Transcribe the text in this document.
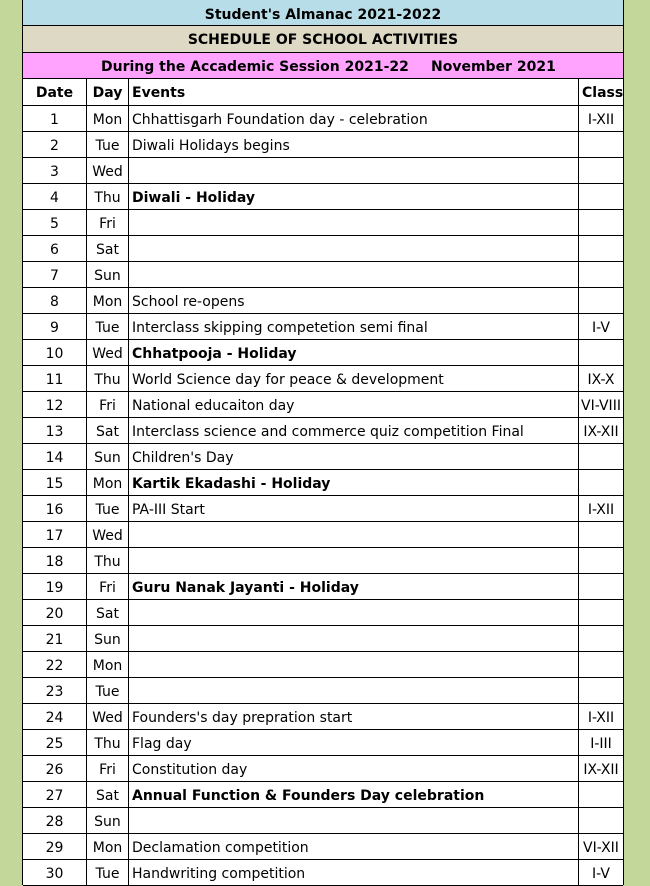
Student's Almanac 2021-2022
SCHEDULE OF SCHOOL ACTIVITIES
During the Accademic Session 2021-22 November 2021
Date	Day Events	Class
1	Mon Chhattisgarh Foundation day - celebration	I-XII
2	Tue Diwali Holidays begins
3	Wed
4	Thu Diwali - Holiday
5	Fri
6	Sat
7	Sun
8	Mon School re-opens
9	Tue Interclass skipping competetion semi final	I-V
10	Wed Chhatpooja - Holiday
11	Thu World Science day for peace & development	IX-X
12	Fri	National educaiton day	VI-VIII
13	Sat Interclass science and commerce quiz competition Final	IX-XII
14	Sun Children's Day
15	Mon Kartik Ekadashi - Holiday
16	Tue PA-III Start	I-XII
17	Wed
18	Thu
19	Fri	Guru Nanak Jayanti - Holiday
20	Sat
21	Sun
22	Mon
23	Tue
24	Wed Founders's day prepration start	I-XII
25	Thu Flag day	I-III
26	Fri	Constitution day	IX-XII
27	Sat Annual Function & Founders Day celebration
28	Sun
29	Mon Declamation competition	VI-XII
30	Tue Handwriting competition	I-V
